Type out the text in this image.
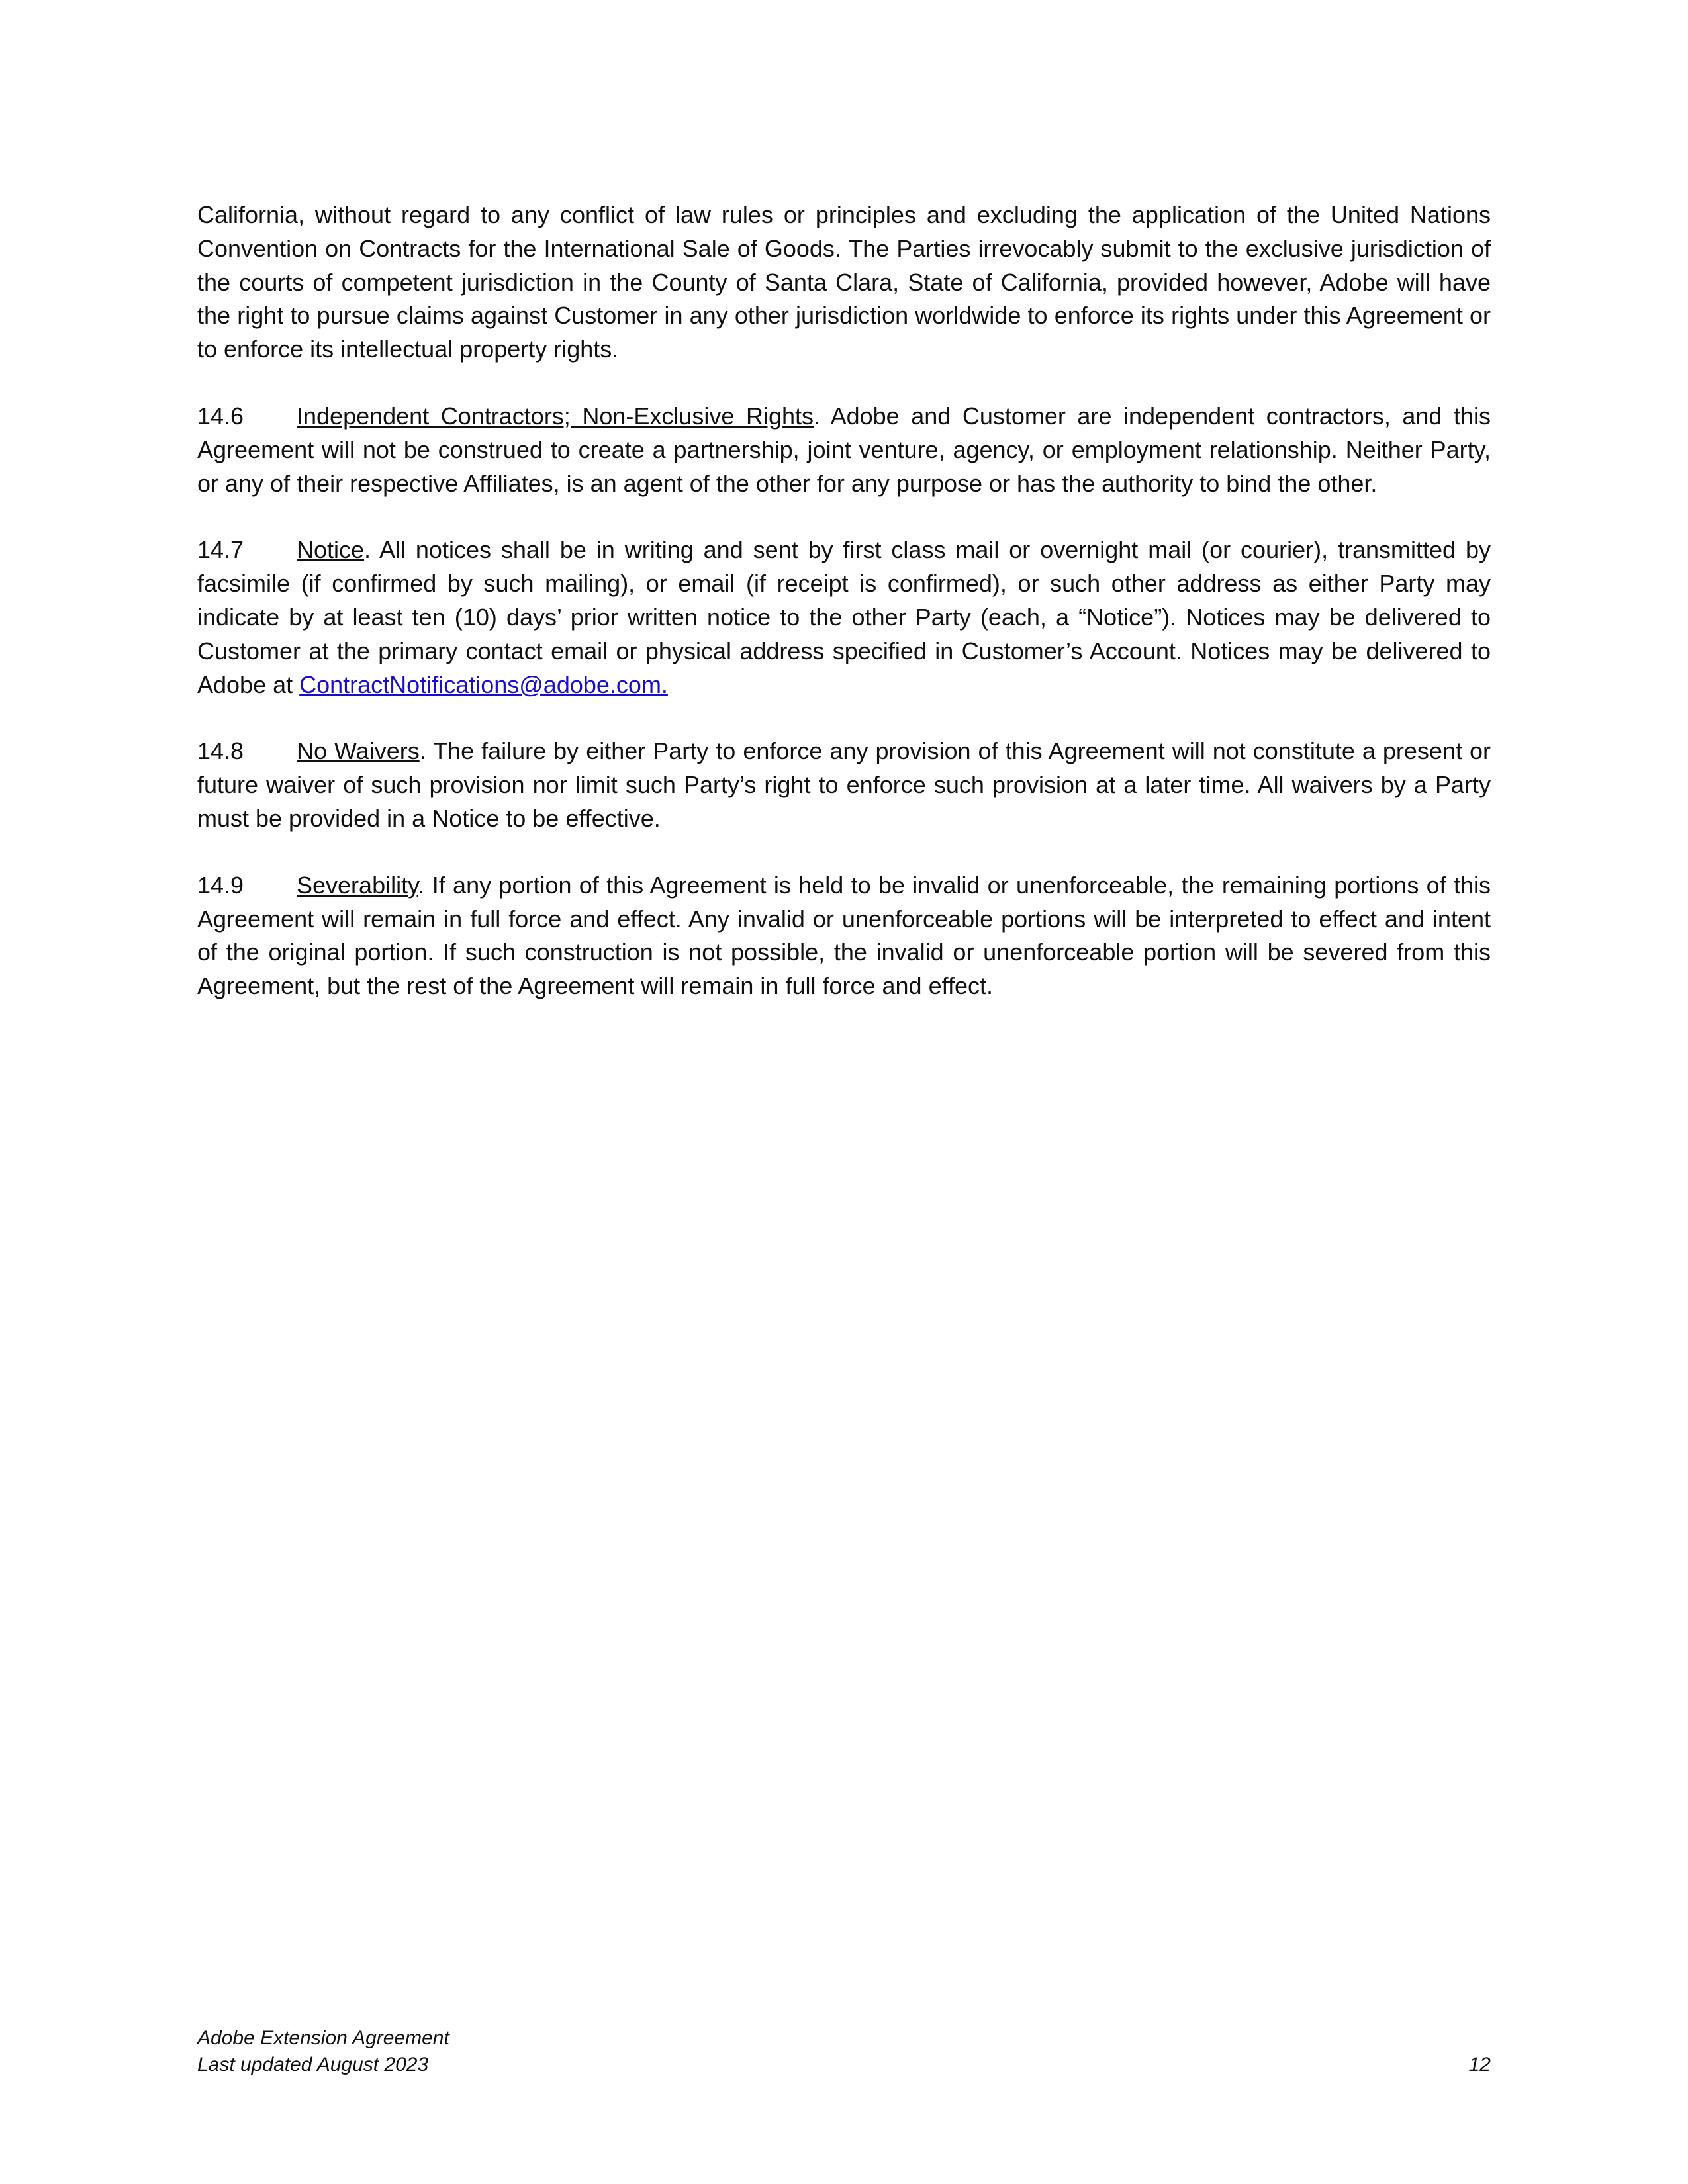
California, without regard to any conflict of law rules or principles and excluding the application of the United Nations Convention on Contracts for the International Sale of Goods. The Parties irrevocably submit to the exclusive jurisdiction of the courts of competent jurisdiction in the County of Santa Clara, State of California, provided however, Adobe will have the right to pursue claims against Customer in any other jurisdiction worldwide to enforce its rights under this Agreement or to enforce its intellectual property rights.

14.6 Independent Contractors; Non-Exclusive Rights. Adobe and Customer are independent contractors, and this Agreement will not be construed to create a partnership, joint venture, agency, or employment relationship. Neither Party, or any of their respective Affiliates, is an agent of the other for any purpose or has the authority to bind the other.

14.7 Notice. All notices shall be in writing and sent by first class mail or overnight mail (or courier), transmitted by facsimile (if confirmed by such mailing), or email (if receipt is confirmed), or such other address as either Party may indicate by at least ten (10) days’ prior written notice to the other Party (each, a “Notice”). Notices may be delivered to Customer at the primary contact email or physical address specified in Customer’s Account. Notices may be delivered to Adobe at ContractNotifications@adobe.com.

14.8 No Waivers. The failure by either Party to enforce any provision of this Agreement will not constitute a present or future waiver of such provision nor limit such Party’s right to enforce such provision at a later time. All waivers by a Party must be provided in a Notice to be effective.

14.9 Severability. If any portion of this Agreement is held to be invalid or unenforceable, the remaining portions of this Agreement will remain in full force and effect. Any invalid or unenforceable portions will be interpreted to effect and intent of the original portion. If such construction is not possible, the invalid or unenforceable portion will be severed from this Agreement, but the rest of the Agreement will remain in full force and effect.

Adobe Extension Agreement
Last updated August 2023	12
